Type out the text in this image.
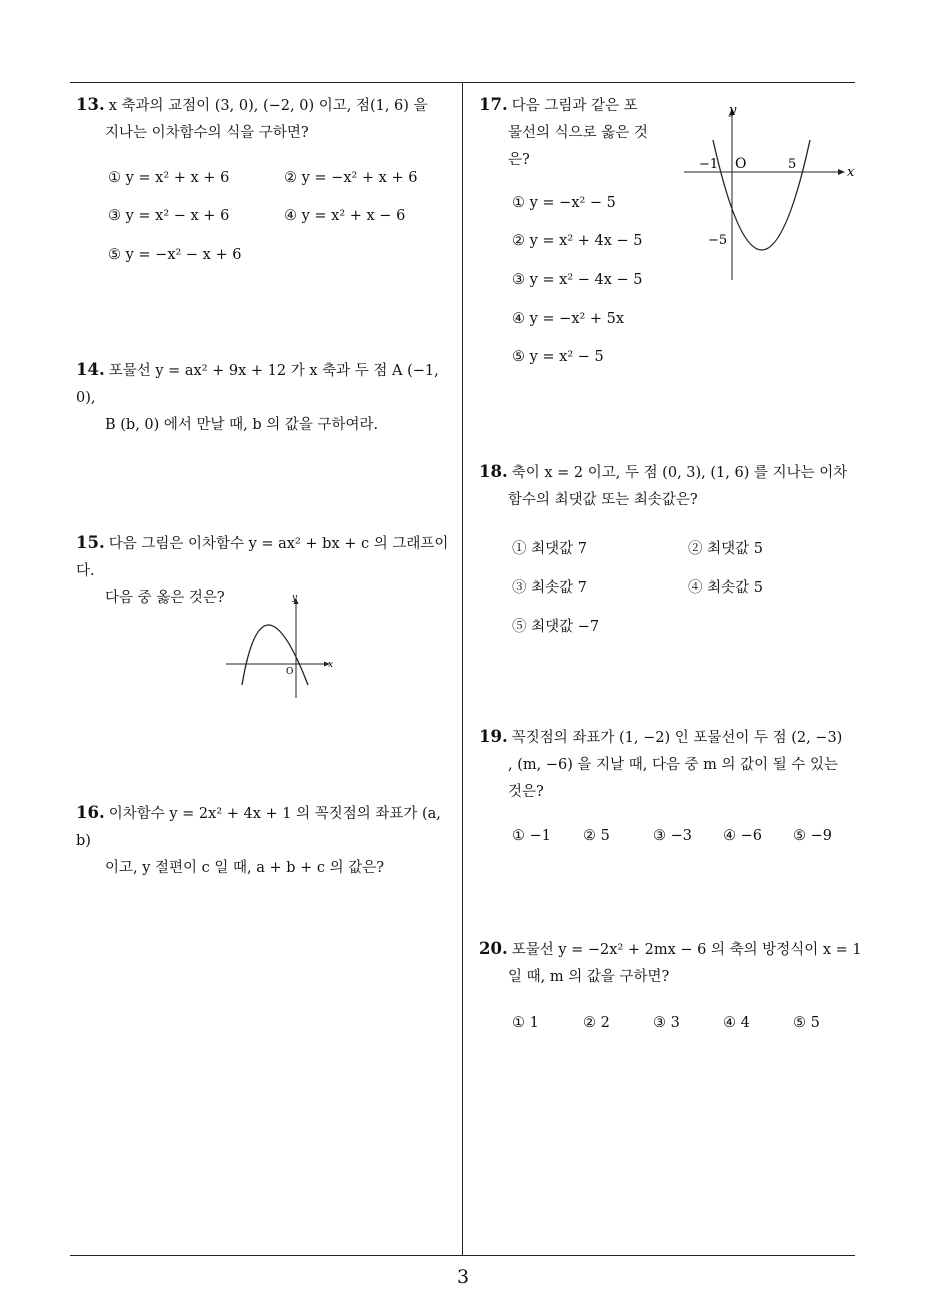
13. x 축과의 교점이 (3, 0), (−2, 0) 이고, 점(1, 6) 을
지나는 이차함수의 식을 구하면?
① y = x² + x + 6	② y = −x² + x + 6
③ y = x² − x + 6	④ y = x² + x − 6
⑤ y = −x² − x + 6
14. 포물선 y = ax² + 9x + 12 가 x 축과 두 점 A (−1, 0),
B (b, 0) 에서 만날 때, b 의 값을 구하여라.
15. 다음 그림은 이차함수 y = ax² + bx + c 의 그래프이다.
다음 중 옳은 것은?
x
y
O
16. 이차함수 y = 2x² + 4x + 1 의 꼭짓점의 좌표가 (a, b)
이고, y 절편이 c 일 때, a + b + c 의 값은?
17. 다음 그림과 같은 포
물선의 식으로 옳은 것
은?
x
y
O
−1	5
−5
① y = −x² − 5
② y = x² + 4x − 5
③ y = x² − 4x − 5
④ y = −x² + 5x
⑤ y = x² − 5
18. 축이 x = 2 이고, 두 점 (0, 3), (1, 6) 를 지나는 이차
함수의 최댓값 또는 최솟값은?
① 최댓값 7	② 최댓값 5
③ 최솟값 7	④ 최솟값 5
⑤ 최댓값 −7
19. 꼭짓점의 좌표가 (1, −2) 인 포물선이 두 점 (2, −3)
, (m, −6) 을 지날 때, 다음 중 m 의 값이 될 수 있는
것은?
① −1 ② 5	③ −3 ④ −6 ⑤ −9
20. 포물선 y = −2x² + 2mx − 6 의 축의 방정식이 x = 1
일 때, m 의 값을 구하면?
① 1	② 2	③ 3	④ 4	⑤ 5
3
